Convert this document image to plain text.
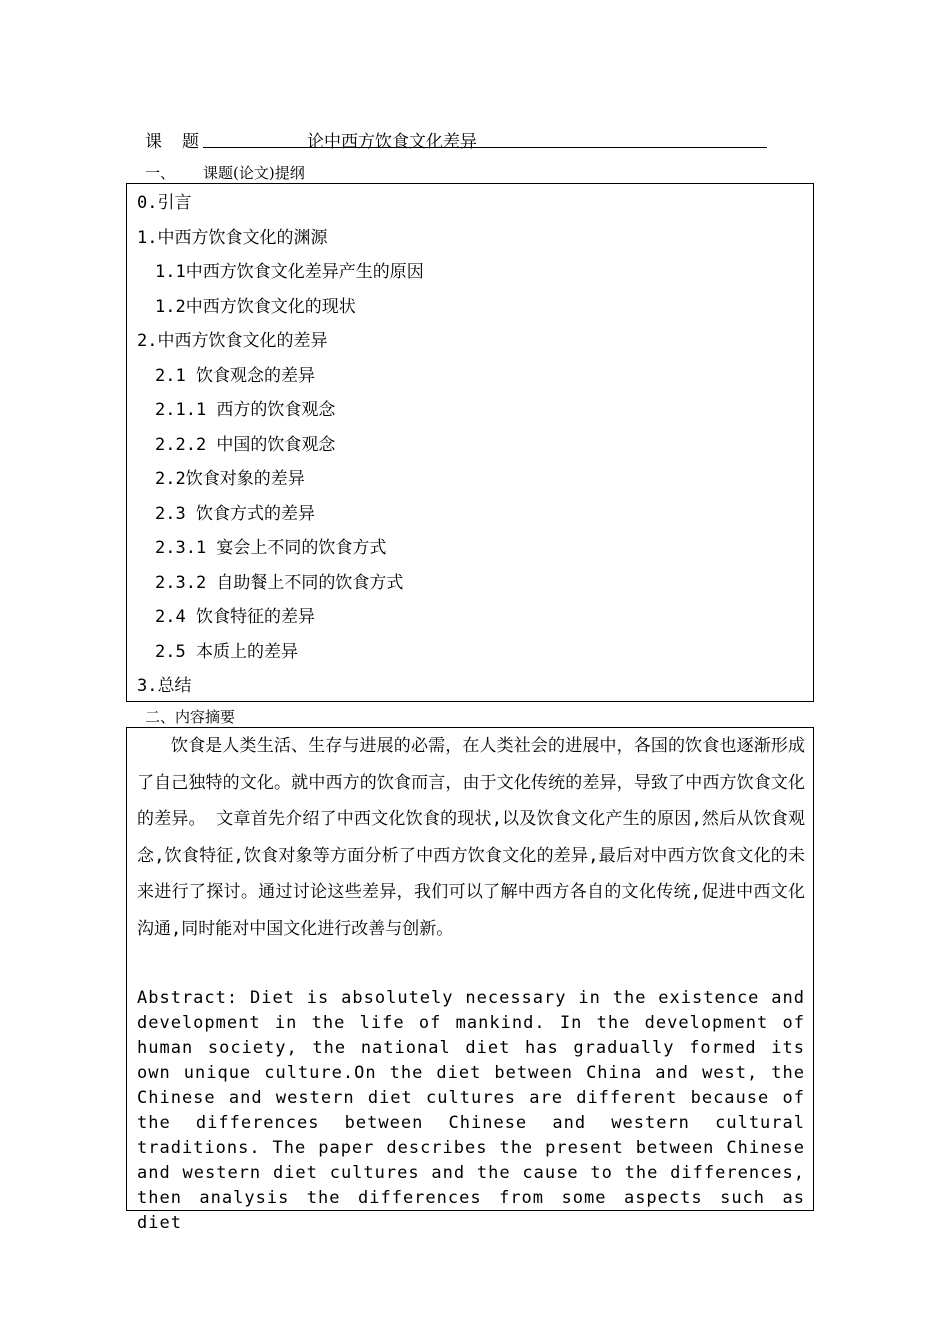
课题	论中西方饮食文化差异
一、 课题(论文)提纲
0.引言
1.中西方饮食文化的渊源
1.1中西方饮食文化差异产生的原因
1.2中西方饮食文化的现状
2.中西方饮食文化的差异
2.1 饮食观念的差异
2.1.1 西方的饮食观念
2.2.2 中国的饮食观念
2.2饮食对象的差异
2.3 饮食方式的差异
2.3.1 宴会上不同的饮食方式
2.3.2 自助餐上不同的饮食方式
2.4 饮食特征的差异
2.5 本质上的差异
3.总结
二、内容摘要
饮食是人类生活、生存与进展的必需，在人类社会的进展中，各国的饮食也逐渐形成了自己独特的文化。就中西方的饮食而言，由于文化传统的差异，导致了中西方饮食文化的差异。 文章首先介绍了中西文化饮食的现状,以及饮食文化产生的原因,然后从饮食观念,饮食特征,饮食对象等方面分析了中西方饮食文化的差异,最后对中西方饮食文化的未来进行了探讨。通过讨论这些差异，我们可以了解中西方各自的文化传统,促进中西文化沟通,同时能对中国文化进行改善与创新。
Abstract: Diet is absolutely necessary in the existence and development in the life of mankind. In the development of human society, the national diet has gradually formed its own unique culture.On the diet between China and west, the Chinese and western diet cultures are different because of the differences between Chinese and western cultural traditions. The paper describes the present between Chinese and western diet cultures and the cause to the differences, then analysis the differences from some aspects such as diet
